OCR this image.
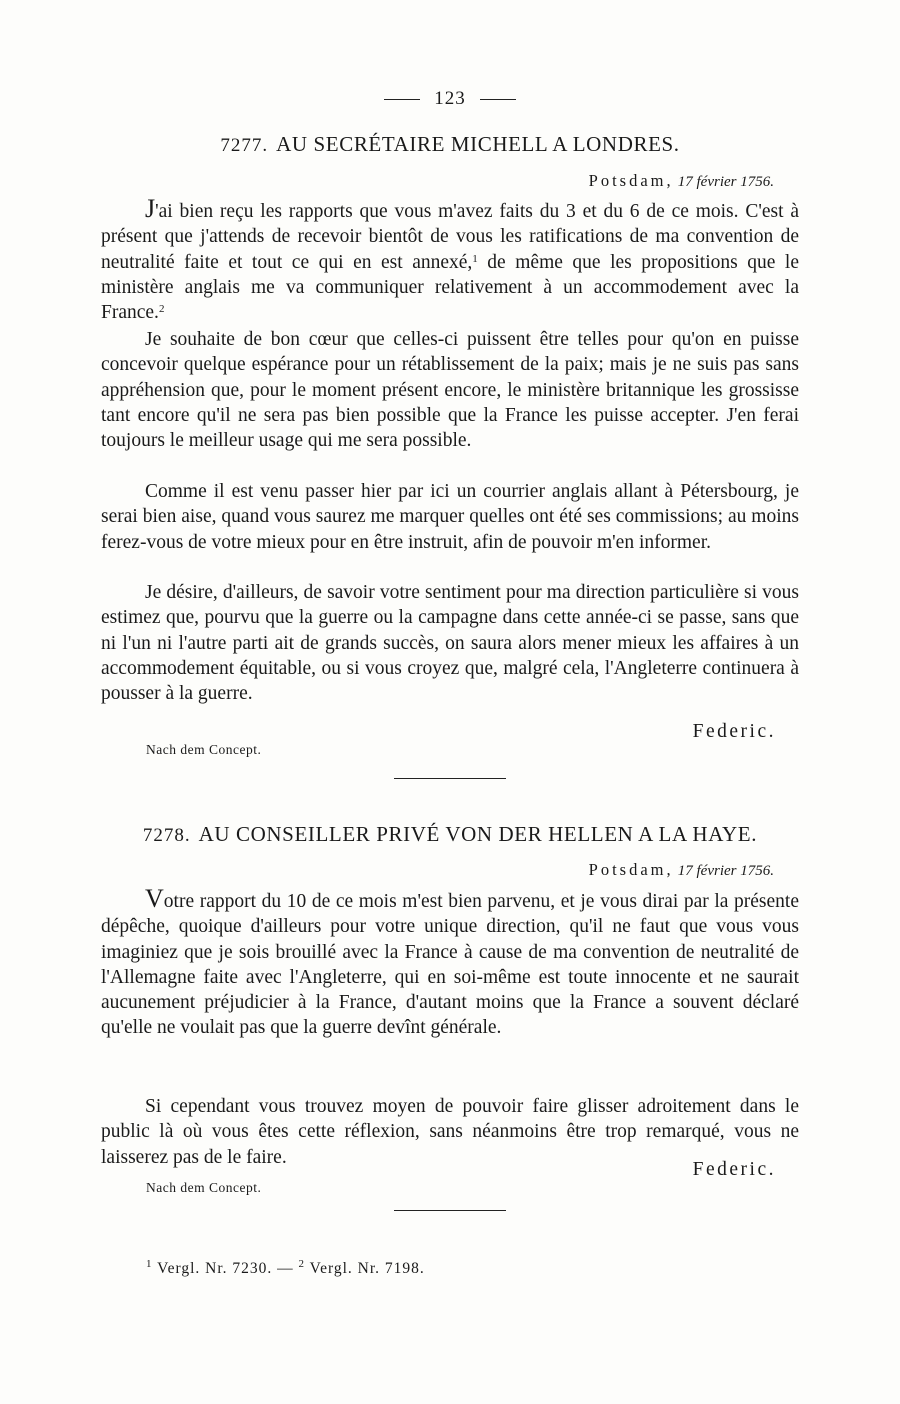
123
7277. AU SECRÉTAIRE MICHELL A LONDRES.
Potsdam, 17 février 1756.

J'ai bien reçu les rapports que vous m'avez faits du 3 et du 6 de ce mois. C'est à présent que j'attends de recevoir bientôt de vous les ratifications de ma convention de neutralité faite et tout ce qui en est annexé,$^1$ de même que les propositions que le ministère anglais me va communiquer relativement à un accommodement avec la France.$^2$

Je souhaite de bon cœur que celles-ci puissent être telles pour qu'on en puisse concevoir quelque espérance pour un rétablissement de la paix; mais je ne suis pas sans appréhension que, pour le moment présent encore, le ministère britannique les grossisse tant encore qu'il ne sera pas bien possible que la France les puisse accepter. J'en ferai toujours le meilleur usage qui me sera possible.

Comme il est venu passer hier par ici un courrier anglais allant à Pétersbourg, je serai bien aise, quand vous saurez me marquer quelles ont été ses commissions; au moins ferez-vous de votre mieux pour en être instruit, afin de pouvoir m'en informer.

Je désire, d'ailleurs, de savoir votre sentiment pour ma direction particulière si vous estimez que, pourvu que la guerre ou la campagne dans cette année-ci se passe, sans que ni l'un ni l'autre parti ait de grands succès, on saura alors mener mieux les affaires à un accommodement équitable, ou si vous croyez que, malgré cela, l'Angleterre continuera à pousser à la guerre.

Federic.
Nach dem Concept.
7278. AU CONSEILLER PRIVÉ VON DER HELLEN A LA HAYE.
Potsdam, 17 février 1756.

Votre rapport du 10 de ce mois m'est bien parvenu, et je vous dirai par la présente dépêche, quoique d'ailleurs pour votre unique direction, qu'il ne faut que vous vous imaginiez que je sois brouillé avec la France à cause de ma convention de neutralité de l'Allemagne faite avec l'Angleterre, qui en soi-même est toute innocente et ne saurait aucunement préjudicier à la France, d'autant moins que la France a souvent déclaré qu'elle ne voulait pas que la guerre devînt générale.

Si cependant vous trouvez moyen de pouvoir faire glisser adroitement dans le public là où vous êtes cette réflexion, sans néanmoins être trop remarqué, vous ne laisserez pas de le faire.

Federic.
Nach dem Concept.
$^1$ Vergl. Nr. 7230. — $^2$ Vergl. Nr. 7198.
